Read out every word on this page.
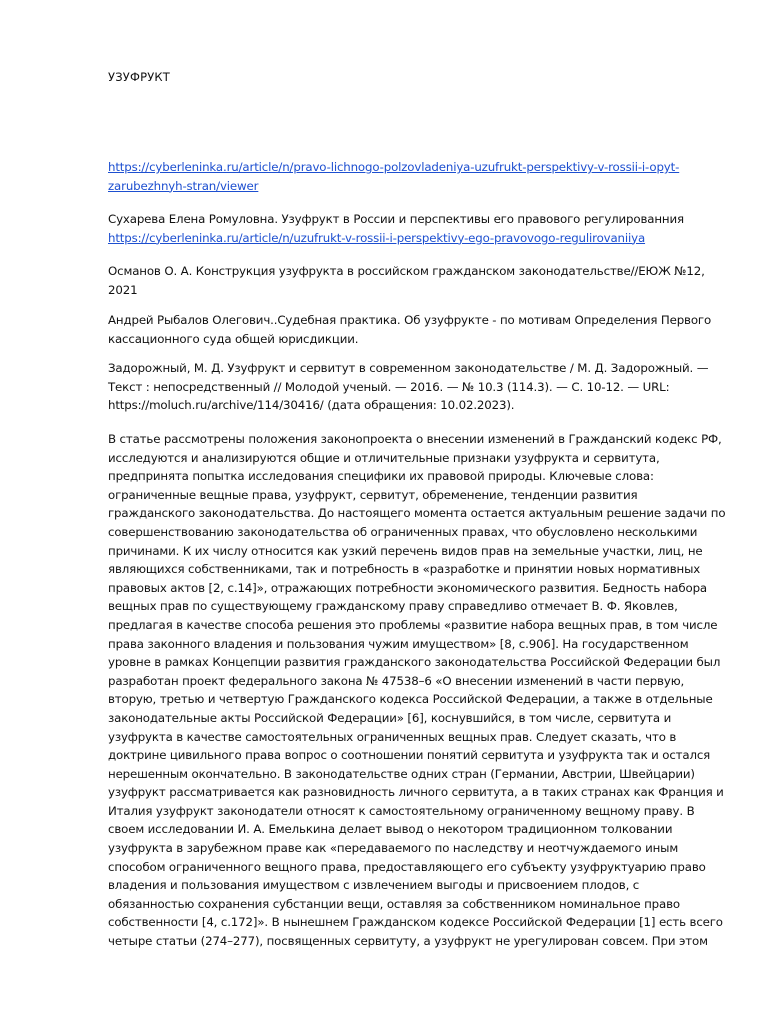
УЗУФРУКТ
https://cyberleninka.ru/article/n/pravo-lichnogo-polzovladeniya-uzufrukt-perspektivy-v-rossii-i-opyt-
zarubezhnyh-stran/viewer
Сухарева Елена Ромуловна. Узуфрукт в России и перспективы его правового регулированния
https://cyberleninka.ru/article/n/uzufrukt-v-rossii-i-perspektivy-ego-pravovogo-regulirovaniiya
Османов О. А. Конструкция узуфрукта в российском гражданском законодательстве//ЕЮЖ №12,
2021
Андрей Рыбалов Олегович..Судебная практика. Об узуфрукте - по мотивам Определения Первого
кассационного суда общей юрисдикции.
Задорожный, М. Д. Узуфрукт и сервитут в современном законодательстве / М. Д. Задорожный. —
Текст : непосредственный // Молодой ученый. — 2016. — № 10.3 (114.3). — С. 10-12. — URL:
https://moluch.ru/archive/114/30416/ (дата обращения: 10.02.2023).
В статье рассмотрены положения законопроекта о внесении изменений в Гражданский кодекс РФ,
исследуются и анализируются общие и отличительные признаки узуфрукта и сервитута,
предпринята попытка исследования специфики их правовой природы. Ключевые слова:
ограниченные вещные права, узуфрукт, сервитут, обременение, тенденции развития
гражданского законодательства. До настоящего момента остается актуальным решение задачи по
совершенствованию законодательства об ограниченных правах, что обусловлено несколькими
причинами. К их числу относится как узкий перечень видов прав на земельные участки, лиц, не
являющихся собственниками, так и потребность в «разработке и принятии новых нормативных
правовых актов [2, с.14]», отражающих потребности экономического развития. Бедность набора
вещных прав по существующему гражданскому праву справедливо отмечает В. Ф. Яковлев,
предлагая в качестве способа решения это проблемы «развитие набора вещных прав, в том числе
права законного владения и пользования чужим имуществом» [8, с.906]. На государственном
уровне в рамках Концепции развития гражданского законодательства Российской Федерации был
разработан проект федерального закона № 47538–6 «О внесении изменений в части первую,
вторую, третью и четвертую Гражданского кодекса Российской Федерации, а также в отдельные
законодательные акты Российской Федерации» [6], коснувшийся, в том числе, сервитута и
узуфрукта в качестве самостоятельных ограниченных вещных прав. Следует сказать, что в
доктрине цивильного права вопрос о соотношении понятий сервитута и узуфрукта так и остался
нерешенным окончательно. В законодательстве одних стран (Германии, Австрии, Швейцарии)
узуфрукт рассматривается как разновидность личного сервитута, а в таких странах как Франция и
Италия узуфрукт законодатели относят к самостоятельному ограниченному вещному праву. В
своем исследовании И. А. Емелькина делает вывод о некотором традиционном толковании
узуфрукта в зарубежном праве как «передаваемого по наследству и неотчуждаемого иным
способом ограниченного вещного права, предоставляющего его субъекту узуфруктуарию право
владения и пользования имуществом с извлечением выгоды и присвоением плодов, с
обязанностью сохранения субстанции вещи, оставляя за собственником номинальное право
собственности [4, с.172]». В нынешнем Гражданском кодексе Российской Федерации [1] есть всего
четыре статьи (274–277), посвященных сервитуту, а узуфрукт не урегулирован совсем. При этом
